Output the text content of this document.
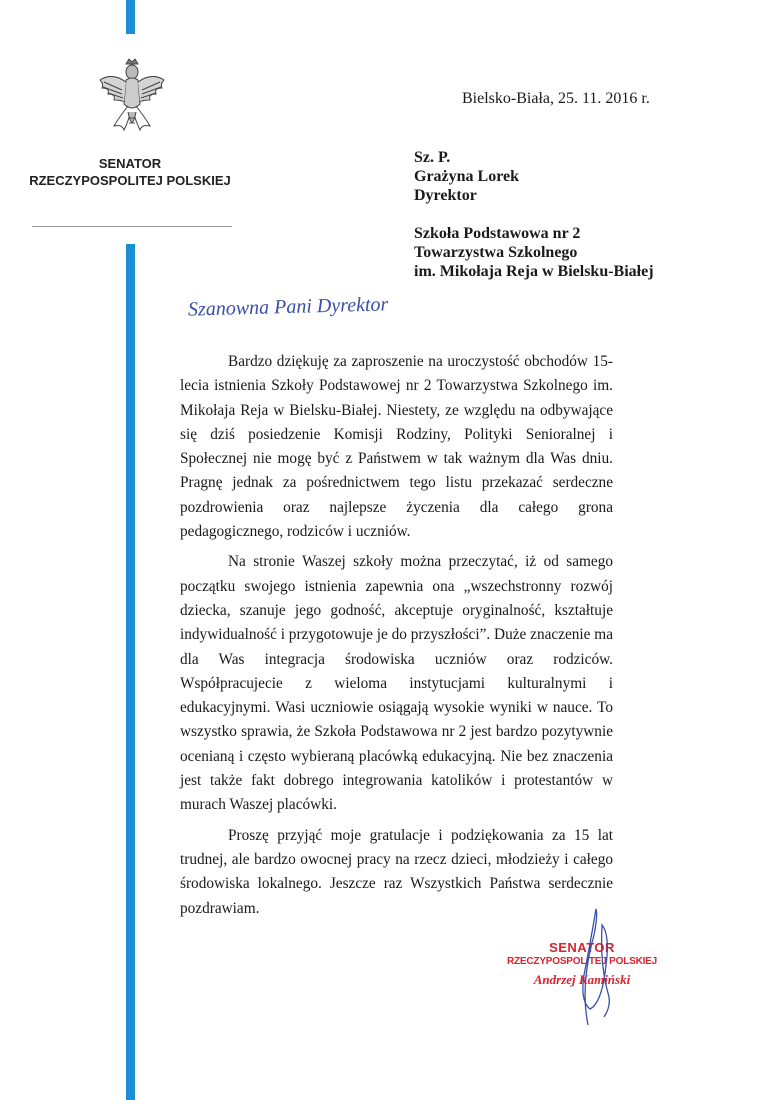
SENATOR
RZECZYPOSPOLITEJ POLSKIEJ
Bielsko-Biała, 25. 11. 2016 r.
Sz. P.
Grażyna Lorek
Dyrektor
Szkoła Podstawowa nr 2
Towarzystwa Szkolnego
im. Mikołaja Reja w Bielsku-Białej
Szanowna Pani Dyrektor

Bardzo dziękuję za zaproszenie na uroczystość obchodów 15-lecia istnienia Szkoły Podstawowej nr 2 Towarzystwa Szkolnego im. Mikołaja Reja w Bielsku-Białej. Niestety, ze względu na odbywające się dziś posiedzenie Komisji Rodziny, Polityki Senioralnej i Społecznej nie mogę być z Państwem w tak ważnym dla Was dniu. Pragnę jednak za pośrednictwem tego listu przekazać serdeczne pozdrowienia oraz najlepsze życzenia dla całego grona pedagogicznego, rodziców i uczniów.

Na stronie Waszej szkoły można przeczytać, iż od samego początku swojego istnienia zapewnia ona „wszechstronny rozwój dziecka, szanuje jego godność, akceptuje oryginalność, kształtuje indywidualność i przygotowuje je do przyszłości”. Duże znaczenie ma dla Was integracja środowiska uczniów oraz rodziców. Współpracujecie z wieloma instytucjami kulturalnymi i edukacyjnymi. Wasi uczniowie osiągają wysokie wyniki w nauce. To wszystko sprawia, że Szkoła Podstawowa nr 2 jest bardzo pozytywnie ocenianą i często wybieraną placówką edukacyjną. Nie bez znaczenia jest także fakt dobrego integrowania katolików i protestantów w murach Waszej placówki.

Proszę przyjąć moje gratulacje i podziękowania za 15 lat trudnej, ale bardzo owocnej pracy na rzecz dzieci, młodzieży i całego środowiska lokalnego. Jeszcze raz Wszystkich Państwa serdecznie pozdrawiam.

SENATOR
RZECZYPOSPOLITEJ POLSKIEJ
Andrzej Kamiński
